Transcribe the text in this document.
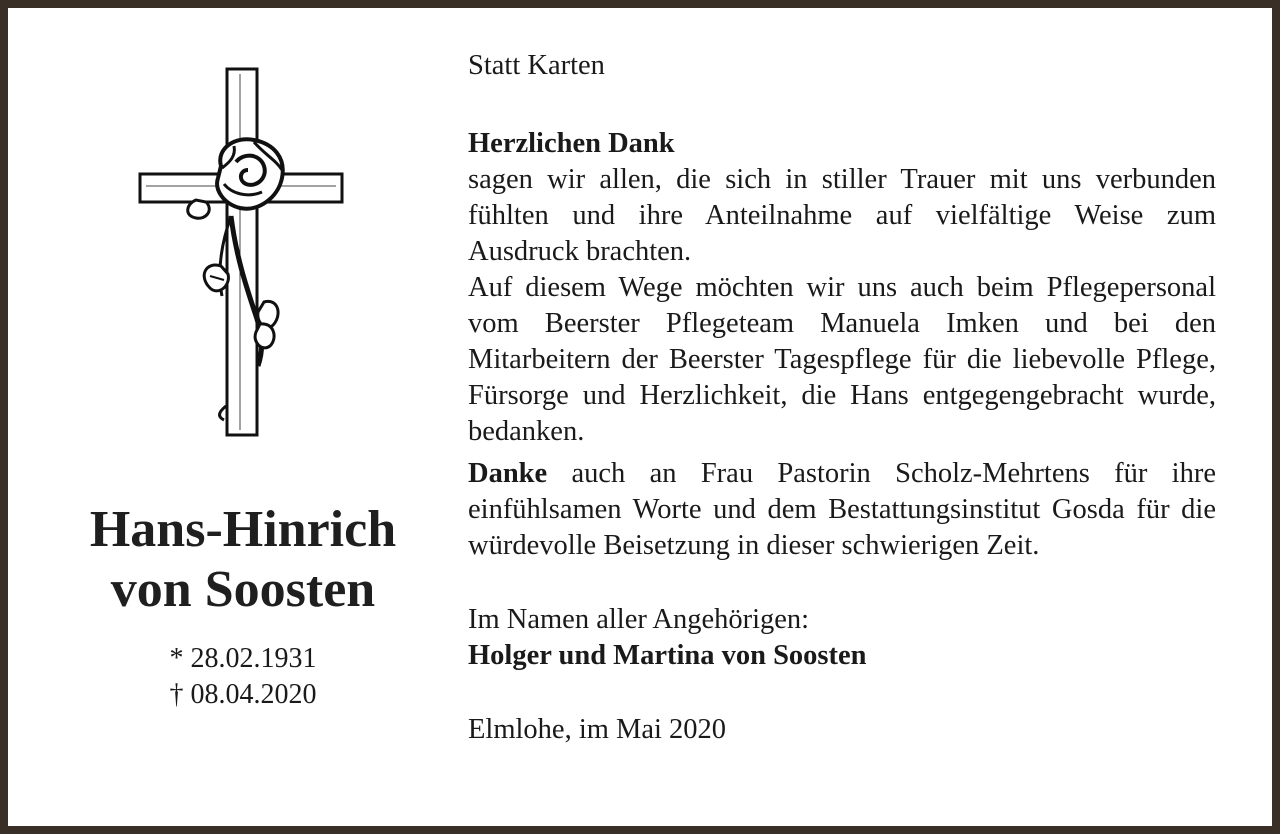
Hans-Hinrich
von Soosten
* 28.02.1931
† 08.04.2020

Statt Karten

Herzlichen Dank

sagen wir allen, die sich in stiller Trauer mit uns verbunden fühlten und ihre Anteilnahme auf vielfältige Weise zum Ausdruck brachten.

Auf diesem Wege möchten wir uns auch beim Pflegepersonal vom Beerster Pflegeteam Manuela Imken und bei den Mitarbeitern der Beerster Tagespflege für die liebevolle Pflege, Fürsorge und Herzlichkeit, die Hans entgegengebracht wurde, bedanken.

Danke auch an Frau Pastorin Scholz-Mehrtens für ihre einfühlsamen Worte und dem Bestattungsinstitut Gosda für die würdevolle Beisetzung in dieser schwierigen Zeit.

Im Namen aller Angehörigen:

Holger und Martina von Soosten

Elmlohe, im Mai 2020
